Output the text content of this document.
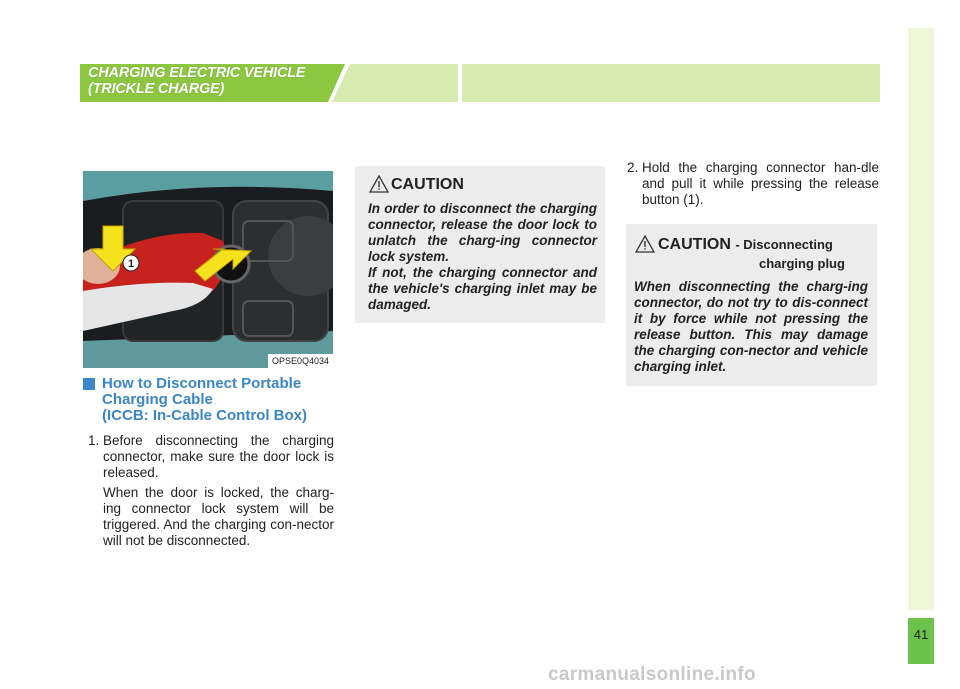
41
CHARGING ELECTRIC VEHICLE
(TRICKLE CHARGE)
1
OPSE0Q4034
How to Disconnect Portable
Charging Cable
(ICCB: In-Cable Control Box)
1. Before disconnecting the charging connector, make sure the door lock is released.
When the door is locked, the charg-ing connector lock system will be triggered. And the charging con-nector will not be disconnected.
CAUTION
In order to disconnect the charging connector, release the door lock to unlatch the charg-ing connector lock system.
If not, the charging connector and the vehicle's charging inlet may be damaged.
2. Hold the charging connector han-dle and pull it while pressing the release button (1).
CAUTION - Disconnecting
charging plug
When disconnecting the charg-ing connector, do not try to dis-connect it by force while not pressing the release button. This may damage the charging con-nector and vehicle charging inlet.
carmanualsonline.info
